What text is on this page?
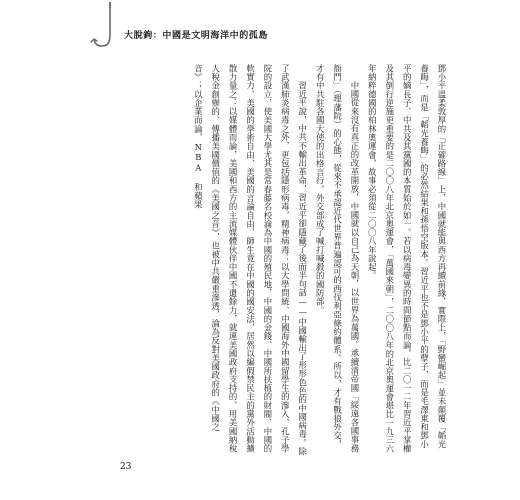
大脫鉤：中國是文明海洋中的孤島

鄧小平溫柔敦厚的「正確路線」上，中國就能與西方再續前緣，實際上，「野蠻崛起」並未顛覆「韜光養晦」，而是「韜光養晦」的必然結果和孫悟空版本。習近平也不是鄧小平的孽子，而是毛澤東和鄧小平的嫡長子、中共及其黨國的本質始於如一。若以病毒變異的時間節點而論，比二〇一二年習近平掌權及其倒行逆施更重要的是二〇〇八年北京奧運會，「萬國來朝」，二〇〇八年的北京奧運會堪比一九三六年納粹德國的柏林奧運會，故事必須從二〇〇八年說起。

中國從來沒有真正的改革開放，中國就以自己為天朝，以世界為萬國。承續清帝國「綏遠各國事務衙門」（理藩院）的心態，從來不承認近代世界普遍認可的西伐利亞條約體系。所以，才有戰狼外交，才有中共駐各國大使的出格言行，外交部成了喊打喊殺的國防部。

習近平說，中共不輸出革命，習近平卻隱藏了後面半句話——中國輸出了形形色色的中國病毒。除了武漢肺炎病毒之外，更包括隱形病毒，精神病毒：以大學問統、中國海外中國留學生的滲入、孔子學院的設立，使美國大學尤其是常春藤名校淪為中國的殖民地，中國的金錢、中國所扶植的財閥、中國的軟實力、美國的學術自由、美國的言論自由，師生竟在中國的國安法，居然以編假禁民主的黨外活動擴散力量之：以媒體而論，美國和西方的主流媒體伙伴中國不遺餘力，就連美國政府支持的、用美國納稅人稅金創辦的、傳播美國價值的《美國之音》，也被中共嚴重滲透，淪為反對美國政府的《中國之音》；以企業而論，NBA 和蘋果

23
